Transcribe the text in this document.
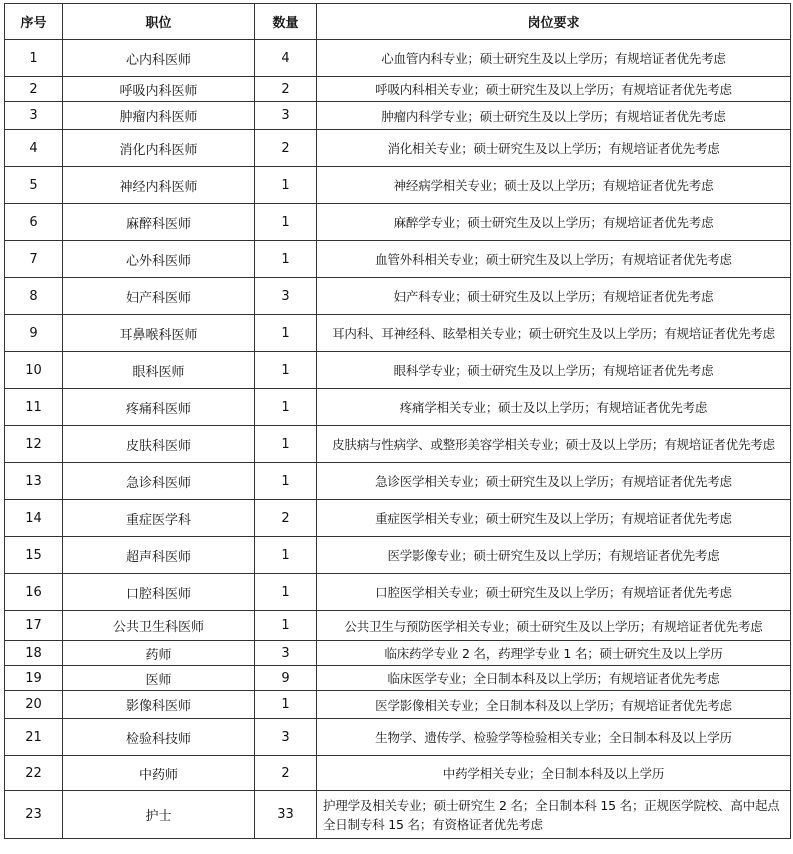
序号	职位	数量	岗位要求
1	心内科医师	4	心血管内科专业；硕士研究生及以上学历；有规培证者优先考虑
2	呼吸内科医师	2	呼吸内科相关专业；硕士研究生及以上学历；有规培证者优先考虑
3	肿瘤内科医师	3	肿瘤内科学专业；硕士研究生及以上学历；有规培证者优先考虑
4	消化内科医师	2	消化相关专业；硕士研究生及以上学历；有规培证者优先考虑
5	神经内科医师	1	神经病学相关专业；硕士及以上学历；有规培证者优先考虑
6	麻醉科医师	1	麻醉学专业；硕士研究生及以上学历；有规培证者优先考虑
7	心外科医师	1	血管外科相关专业；硕士研究生及以上学历；有规培证者优先考虑
8	妇产科医师	3	妇产科专业；硕士研究生及以上学历；有规培证者优先考虑
9	耳鼻喉科医师	1	耳内科、耳神经科、眩晕相关专业；硕士研究生及以上学历；有规培证者优先考虑
10	眼科医师	1	眼科学专业；硕士研究生及以上学历；有规培证者优先考虑
11	疼痛科医师	1	疼痛学相关专业；硕士及以上学历；有规培证者优先考虑
12	皮肤科医师	1	皮肤病与性病学、或整形美容学相关专业；硕士及以上学历；有规培证者优先考虑
13	急诊科医师	1	急诊医学相关专业；硕士研究生及以上学历；有规培证者优先考虑
14	重症医学科	2	重症医学相关专业；硕士研究生及以上学历；有规培证者优先考虑
15	超声科医师	1	医学影像专业；硕士研究生及以上学历；有规培证者优先考虑
16	口腔科医师	1	口腔医学相关专业；硕士研究生及以上学历；有规培证者优先考虑
17	公共卫生科医师	1	公共卫生与预防医学相关专业；硕士研究生及以上学历；有规培证者优先考虑
18	药师	3	临床药学专业 2 名，药理学专业 1 名；硕士研究生及以上学历
19	医师	9	临床医学专业；全日制本科及以上学历；有规培证者优先考虑
20	影像科医师	1	医学影像相关专业；全日制本科及以上学历；有规培证者优先考虑
21	检验科技师	3	生物学、遗传学、检验学等检验相关专业；全日制本科及以上学历
22	中药师	2	中药学相关专业；全日制本科及以上学历
23	护士	33	护理学及相关专业；硕士研究生 2 名；全日制本科 15 名；正规医学院校、高中起点全日制专科 15 名；有资格证者优先考虑
